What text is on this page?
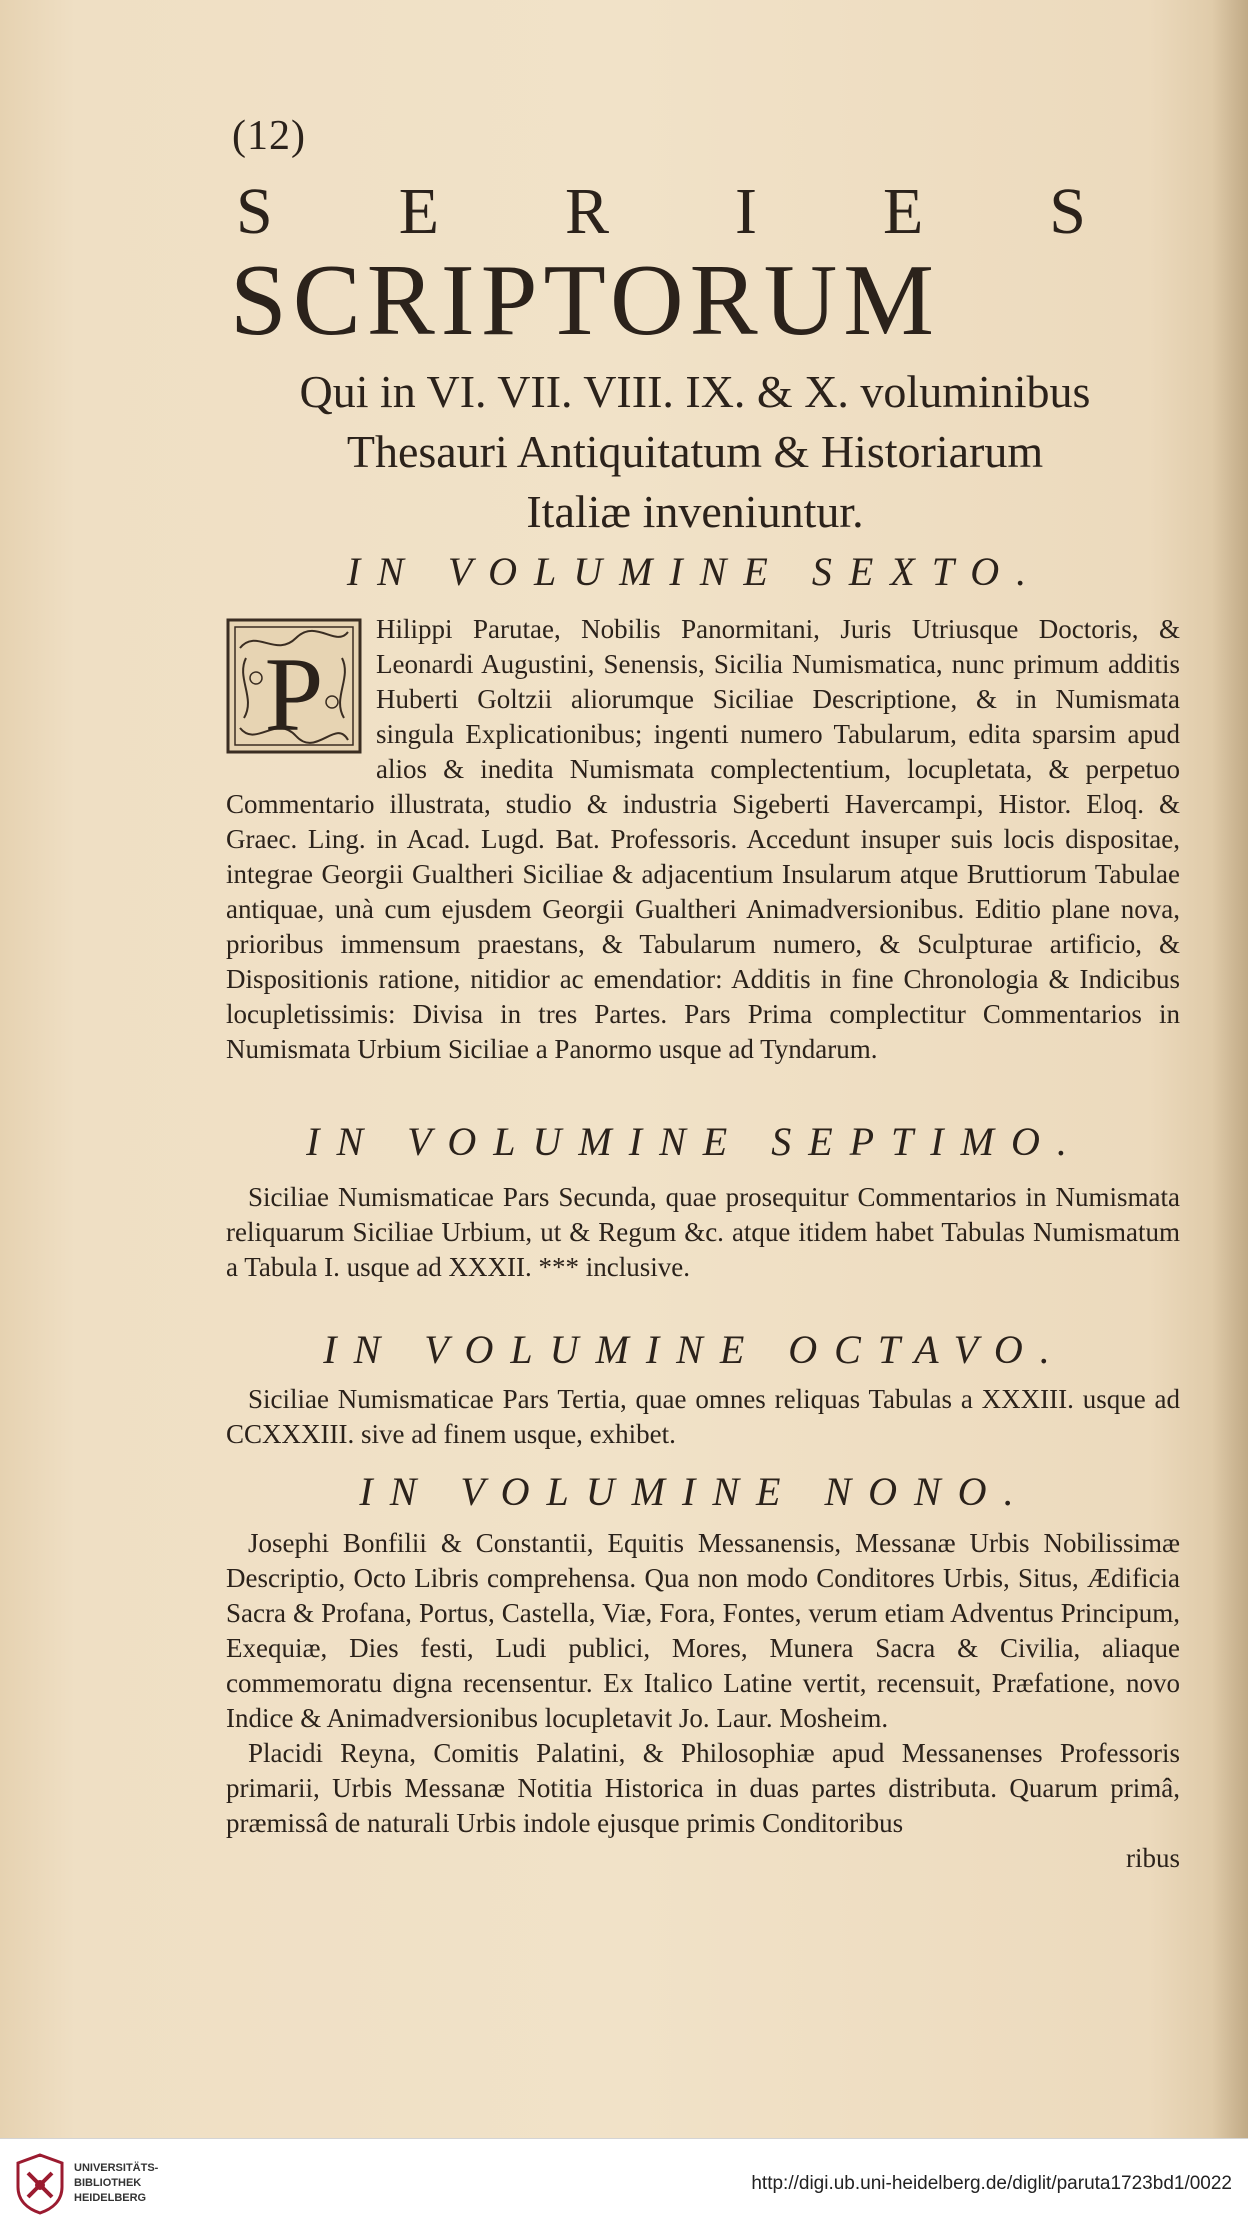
(12)
S E R I E S
SCRIPTORUM
Qui in VI. VII. VIII. IX. & X. voluminibus
Thesauri Antiquitatum & Historiarum
Italiæ inveniuntur.
IN VOLUMINE SEXTO.
P

Hilippi Parutae, Nobilis Panormitani, Juris Utriusque Doctoris, & Leonardi Augustini, Senensis, Sicilia Numismatica, nunc primum additis Huberti Goltzii aliorumque Siciliae Descriptione, & in Numismata singula Explicationibus; ingenti numero Tabularum, edita sparsim apud alios & inedita Numismata complectentium, locupletata, & perpetuo Commentario illustrata, studio & industria Sigeberti Havercampi, Histor. Eloq. & Graec. Ling. in Acad. Lugd. Bat. Professoris. Accedunt insuper suis locis dispositae, integrae Georgii Gualtheri Siciliae & adjacentium Insularum atque Bruttiorum Tabulae antiquae, unà cum ejusdem Georgii Gualtheri Animadversionibus. Editio plane nova, prioribus immensum praestans, & Tabularum numero, & Sculpturae artificio, & Dispositionis ratione, nitidior ac emendatior: Additis in fine Chronologia & Indicibus locupletissimis: Divisa in tres Partes. Pars Prima complectitur Commentarios in Numismata Urbium Siciliae a Panormo usque ad Tyndarum.

IN VOLUMINE SEPTIMO.

Siciliae Numismaticae Pars Secunda, quae prosequitur Commentarios in Numismata reliquarum Siciliae Urbium, ut & Regum &c. atque itidem habet Tabulas Numismatum a Tabula I. usque ad XXXII. *** inclusive.

IN VOLUMINE OCTAVO.

Siciliae Numismaticae Pars Tertia, quae omnes reliquas Tabulas a XXXIII. usque ad CCXXXIII. sive ad finem usque, exhibet.

IN VOLUMINE NONO.

Josephi Bonfilii & Constantii, Equitis Messanensis, Messanæ Urbis Nobilissimæ Descriptio, Octo Libris comprehensa. Qua non modo Conditores Urbis, Situs, Ædificia Sacra & Profana, Portus, Castella, Viæ, Fora, Fontes, verum etiam Adventus Principum, Exequiæ, Dies festi, Ludi publici, Mores, Munera Sacra & Civilia, aliaque commemoratu digna recensentur. Ex Italico Latine vertit, recensuit, Præfatione, novo Indice & Animadversionibus locupletavit Jo. Laur. Mosheim.

Placidi Reyna, Comitis Palatini, & Philosophiæ apud Messanenses Professoris primarii, Urbis Messanæ Notitia Historica in duas partes distributa. Quarum primâ, præmissâ de naturali Urbis indole ejusque primis Conditoribus

ribus
UNIVERSITÄTS-
BIBLIOTHEK
HEIDELBERG
http://digi.ub.uni-heidelberg.de/diglit/paruta1723bd1/0022
